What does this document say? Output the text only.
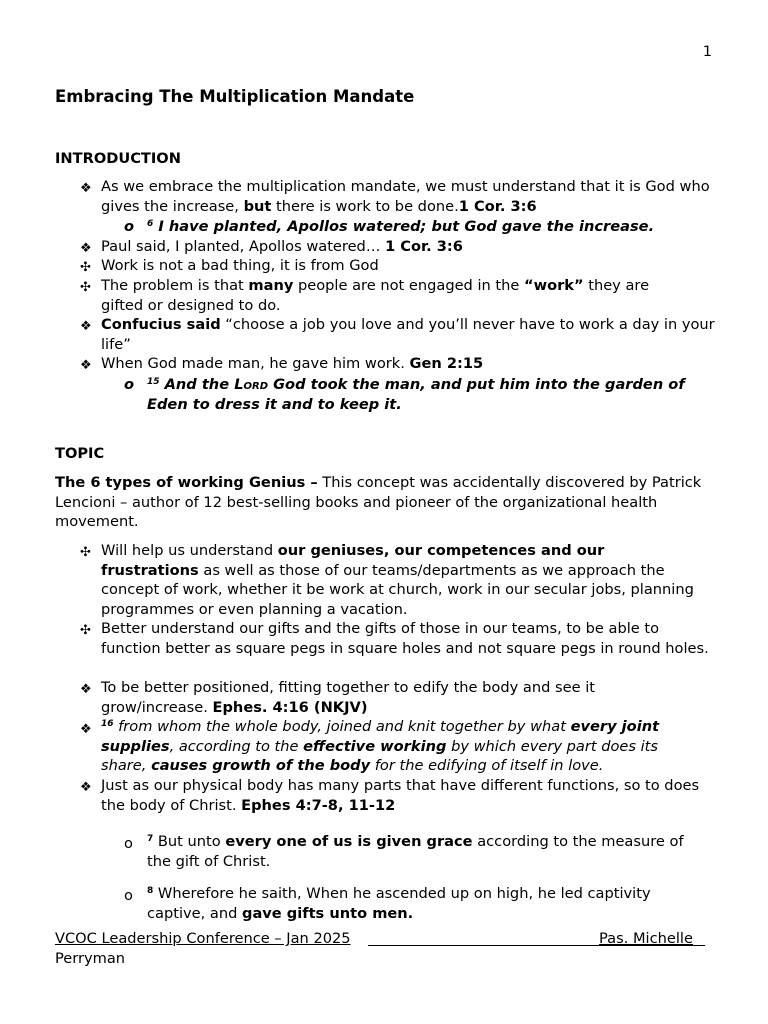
1
Embracing The Multiplication Mandate
INTRODUCTION
❖ As we embrace the multiplication mandate, we must understand that it is God who gives the increase, but there is work to be done.1 Cor. 3:6
o $^6$ I have planted, Apollos watered; but God gave the increase.
❖ Paul said, I planted, Apollos watered… 1 Cor. 3:6
✣ Work is not a bad thing, it is from God
✣ The problem is that many people are not engaged in the “work” they are gifted or designed to do.
❖ Confucius said “choose a job you love and you’ll never have to work a day in your life”
❖ When God made man, he gave him work. Gen 2:15
o $^{15}$ And the Lord God took the man, and put him into the garden of Eden to dress it and to keep it.
TOPIC
The 6 types of working Genius – This concept was accidentally discovered by Patrick Lencioni – author of 12 best-selling books and pioneer of the organizational health movement.
✣ Will help us understand our geniuses, our competences and our frustrations as well as those of our teams/departments as we approach the concept of work, whether it be work at church, work in our secular jobs, planning programmes or even planning a vacation.
✣ Better understand our gifts and the gifts of those in our teams, to be able to function better as square pegs in square holes and not square pegs in round holes.
❖ To be better positioned, fitting together to edify the body and see it grow/increase. Ephes. 4:16 (NKJV)
❖ $^{16}$ from whom the whole body, joined and knit together by what every joint supplies, according to the effective working by which every part does its share, causes growth of the body for the edifying of itself in love.
❖ Just as our physical body has many parts that have different functions, so to does the body of Christ. Ephes 4:7-8, 11-12
o $^7$ But unto every one of us is given grace according to the measure of the gift of Christ.
o $^8$ Wherefore he saith, When he ascended up on high, he led captivity captive, and gave gifts unto men.
VCOC Leadership Conference – Jan 2025	Pas. Michelle
Perryman
